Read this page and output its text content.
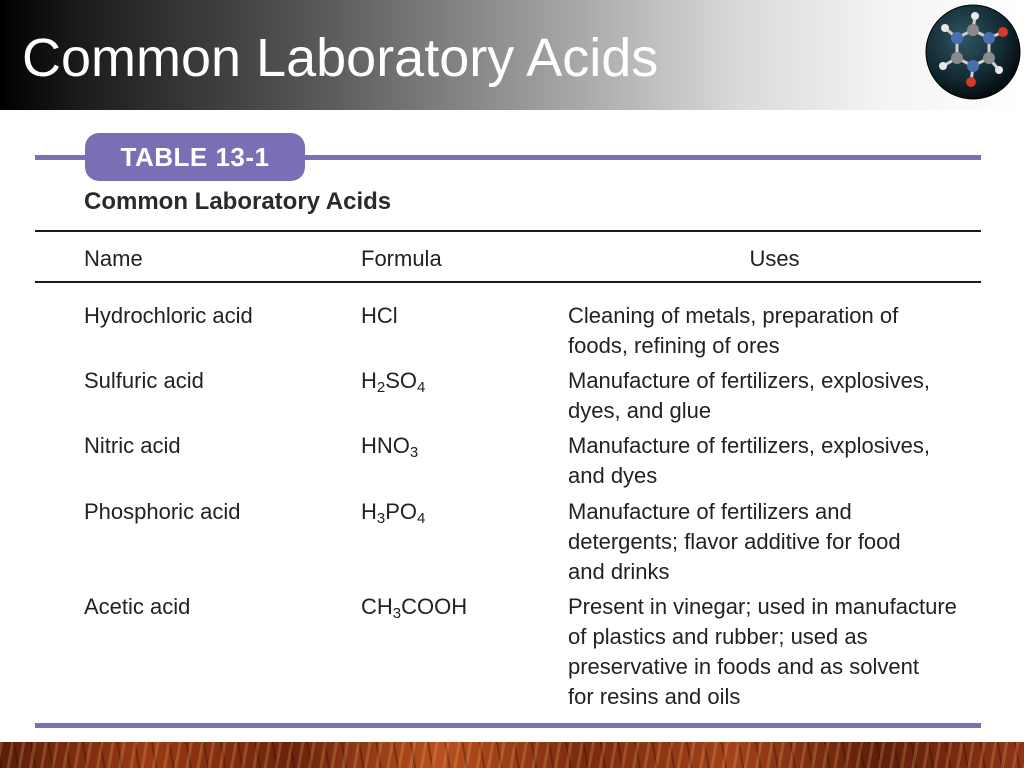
Common Laboratory Acids
TABLE 13-1
Common Laboratory Acids
Name	Formula	Uses
Hydrochloric acid	HCl	Cleaning of metals, preparation of
foods, refining of ores
Sulfuric acid	$H_2SO_4$	Manufacture of fertilizers, explosives,
dyes, and glue
Nitric acid	$HNO_3$	Manufacture of fertilizers, explosives,
and dyes
Phosphoric acid	$H_3PO_4$	Manufacture of fertilizers and
detergents; flavor additive for food
and drinks
Acetic acid	$CH_3COOH$	Present in vinegar; used in manufacture
of plastics and rubber; used as
preservative in foods and as solvent
for resins and oils
